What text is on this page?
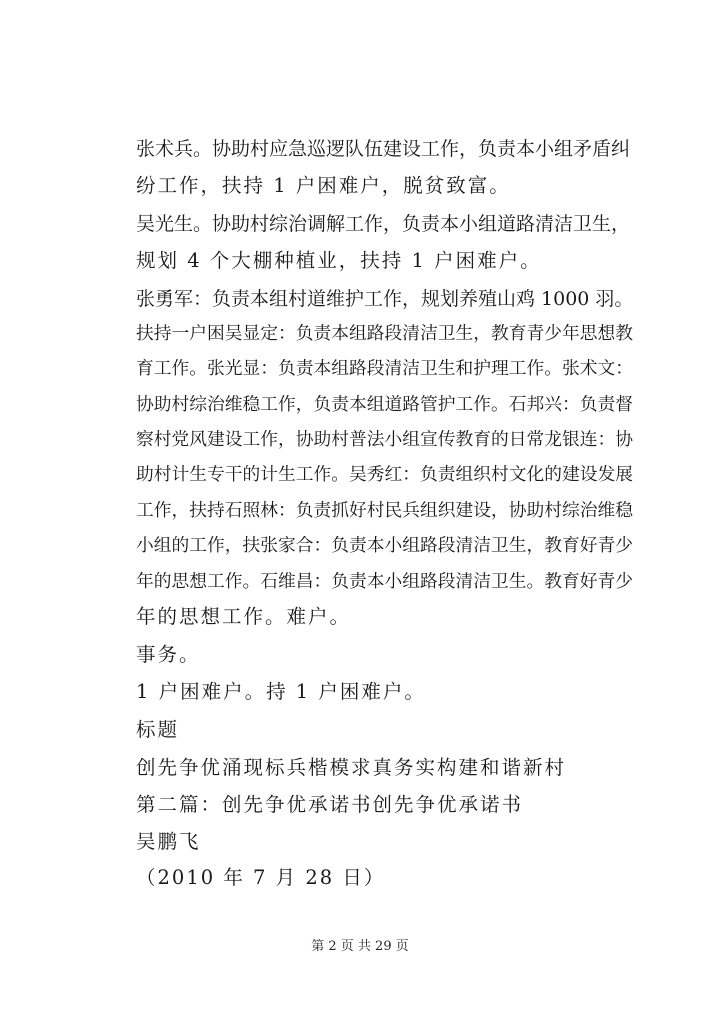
张术兵。协助村应急巡逻队伍建设工作，负责本小组矛盾纠
纷工作，扶持 1 户困难户，脱贫致富。
吴光生。协助村综治调解工作，负责本小组道路清洁卫生，
规划 4 个大棚种植业，扶持 1 户困难户。
张勇军：负责本组村道维护工作，规划养殖山鸡 1000 羽。
扶持一户困吴显定：负责本组路段清洁卫生，教育青少年思想教
育工作。张光显：负责本组路段清洁卫生和护理工作。张术文：
协助村综治维稳工作，负责本组道路管护工作。石邦兴：负责督
察村党风建设工作，协助村普法小组宣传教育的日常龙银连：协
助村计生专干的计生工作。吴秀红：负责组织村文化的建设发展
工作，扶持石照林：负责抓好村民兵组织建设，协助村综治维稳
小组的工作，扶张家合：负责本小组路段清洁卫生，教育好青少
年的思想工作。石维昌：负责本小组路段清洁卫生。教育好青少
年的思想工作。难户。
事务。
1 户困难户。持 1 户困难户。
标题
创先争优涌现标兵楷模求真务实构建和谐新村
第二篇：创先争优承诺书创先争优承诺书
吴鹏飞
（2010 年 7 月 28 日）
第 2 页 共 29 页
